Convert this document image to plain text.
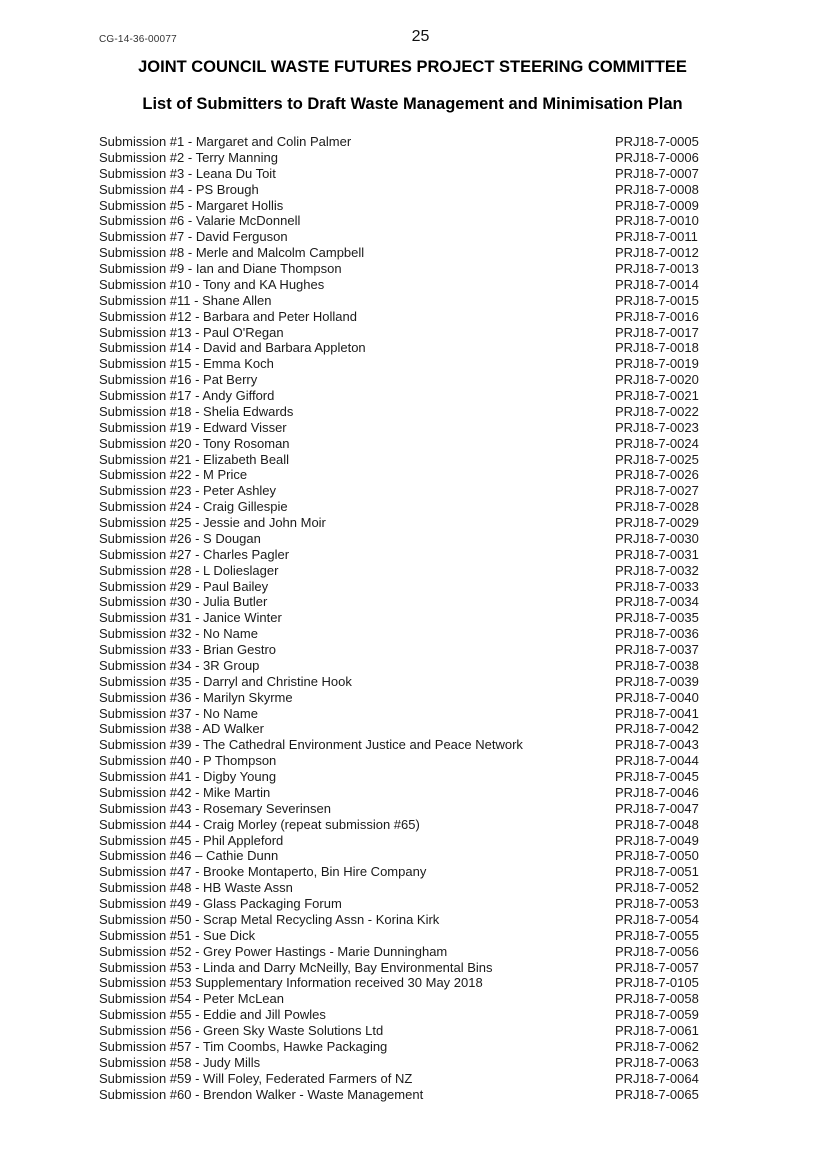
CG-14-36-00077	25
JOINT COUNCIL WASTE FUTURES PROJECT STEERING COMMITTEE
List of Submitters to Draft Waste Management and Minimisation Plan
Submission #1 - Margaret and Colin Palmer	PRJ18-7-0005
Submission #2 - Terry Manning	PRJ18-7-0006
Submission #3 - Leana Du Toit	PRJ18-7-0007
Submission #4 - PS Brough	PRJ18-7-0008
Submission #5 - Margaret Hollis	PRJ18-7-0009
Submission #6 - Valarie McDonnell	PRJ18-7-0010
Submission #7 - David Ferguson	PRJ18-7-0011
Submission #8 - Merle and Malcolm Campbell	PRJ18-7-0012
Submission #9 - Ian and Diane Thompson	PRJ18-7-0013
Submission #10 - Tony and KA Hughes	PRJ18-7-0014
Submission #11 - Shane Allen	PRJ18-7-0015
Submission #12 - Barbara and Peter Holland	PRJ18-7-0016
Submission #13 - Paul O'Regan	PRJ18-7-0017
Submission #14 - David and Barbara Appleton	PRJ18-7-0018
Submission #15 - Emma Koch	PRJ18-7-0019
Submission #16 - Pat Berry	PRJ18-7-0020
Submission #17 - Andy Gifford	PRJ18-7-0021
Submission #18 - Shelia Edwards	PRJ18-7-0022
Submission #19 - Edward Visser	PRJ18-7-0023
Submission #20 - Tony Rosoman	PRJ18-7-0024
Submission #21 - Elizabeth Beall	PRJ18-7-0025
Submission #22 - M Price	PRJ18-7-0026
Submission #23 - Peter Ashley	PRJ18-7-0027
Submission #24 - Craig Gillespie	PRJ18-7-0028
Submission #25 - Jessie and John Moir	PRJ18-7-0029
Submission #26 - S Dougan	PRJ18-7-0030
Submission #27 - Charles Pagler	PRJ18-7-0031
Submission #28 - L Dolieslager	PRJ18-7-0032
Submission #29 - Paul Bailey	PRJ18-7-0033
Submission #30 - Julia Butler	PRJ18-7-0034
Submission #31 - Janice Winter	PRJ18-7-0035
Submission #32 - No Name	PRJ18-7-0036
Submission #33 - Brian Gestro	PRJ18-7-0037
Submission #34 - 3R Group	PRJ18-7-0038
Submission #35 - Darryl and Christine Hook	PRJ18-7-0039
Submission #36 - Marilyn Skyrme	PRJ18-7-0040
Submission #37 - No Name	PRJ18-7-0041
Submission #38 - AD Walker	PRJ18-7-0042
Submission #39 - The Cathedral Environment Justice and Peace Network	PRJ18-7-0043
Submission #40 - P Thompson	PRJ18-7-0044
Submission #41 - Digby Young	PRJ18-7-0045
Submission #42 - Mike Martin	PRJ18-7-0046
Submission #43 - Rosemary Severinsen	PRJ18-7-0047
Submission #44 - Craig Morley (repeat submission #65)	PRJ18-7-0048
Submission #45 - Phil Appleford	PRJ18-7-0049
Submission #46 – Cathie Dunn	PRJ18-7-0050
Submission #47 - Brooke Montaperto, Bin Hire Company	PRJ18-7-0051
Submission #48 - HB Waste Assn	PRJ18-7-0052
Submission #49 - Glass Packaging Forum	PRJ18-7-0053
Submission #50 - Scrap Metal Recycling Assn - Korina Kirk	PRJ18-7-0054
Submission #51 - Sue Dick	PRJ18-7-0055
Submission #52 - Grey Power Hastings - Marie Dunningham	PRJ18-7-0056
Submission #53 - Linda and Darry McNeilly, Bay Environmental Bins	PRJ18-7-0057
Submission #53 Supplementary Information received 30 May 2018	PRJ18-7-0105
Submission #54 - Peter McLean	PRJ18-7-0058
Submission #55 - Eddie and Jill Powles	PRJ18-7-0059
Submission #56 - Green Sky Waste Solutions Ltd	PRJ18-7-0061
Submission #57 - Tim Coombs, Hawke Packaging	PRJ18-7-0062
Submission #58 - Judy Mills	PRJ18-7-0063
Submission #59 - Will Foley, Federated Farmers of NZ	PRJ18-7-0064
Submission #60 - Brendon Walker - Waste Management	PRJ18-7-0065
